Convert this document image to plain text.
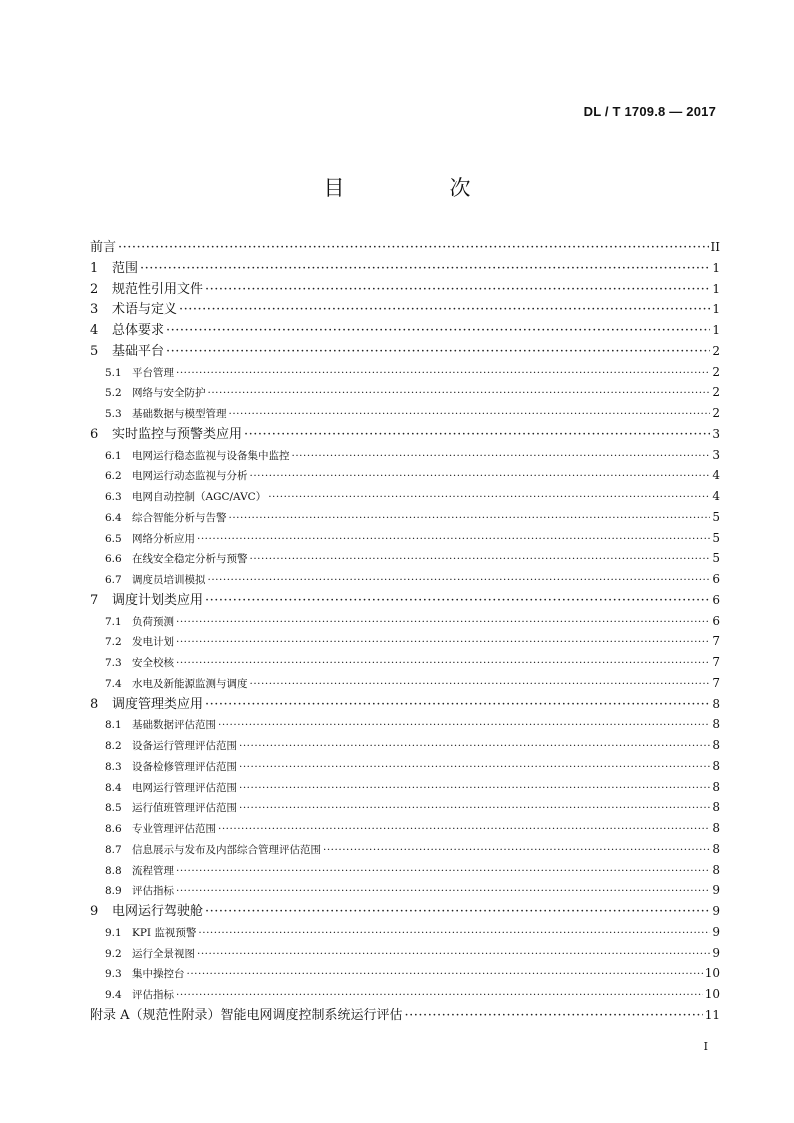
DL / T 1709.8 — 2017
目　次
前言 ·····	II
1	范围 ·····	1
2	规范性引用文件 ·····	1
3	术语与定义 ·····	1
4	总体要求 ·····	1
5	基础平台 ·····	2
5.1 平台管理 ·····	2
5.2 网络与安全防护 ·····	2
5.3 基础数据与模型管理 ·····	2
6	实时监控与预警类应用 ·····	3
6.1 电网运行稳态监视与设备集中监控 ·····	3
6.2 电网运行动态监视与分析 ·····	4
6.3 电网自动控制（AGC/AVC） ·····	4
6.4 综合智能分析与告警 ·····	5
6.5 网络分析应用 ·····	5
6.6 在线安全稳定分析与预警 ·····	5
6.7 调度员培训模拟 ·····	6
7	调度计划类应用 ·····	6
7.1 负荷预测 ·····	6
7.2 发电计划 ·····	7
7.3 安全校核 ·····	7
7.4 水电及新能源监测与调度 ·····	7
8	调度管理类应用 ·····	8
8.1 基础数据评估范围 ·····	8
8.2 设备运行管理评估范围 ·····	8
8.3 设备检修管理评估范围 ·····	8
8.4 电网运行管理评估范围 ·····	8
8.5 运行值班管理评估范围 ·····	8
8.6 专业管理评估范围 ·····	8
8.7 信息展示与发布及内部综合管理评估范围 ·····	8
8.8 流程管理 ·····	8
8.9 评估指标 ·····	9
9	电网运行驾驶舱 ·····	9
9.1 KPI 监视预警 ·····	9
9.2 运行全景视图 ·····	9
9.3 集中操控台 ·····	10
9.4 评估指标 ·····	10
附录 A（规范性附录）智能电网调度控制系统运行评估 ·····	11
I
